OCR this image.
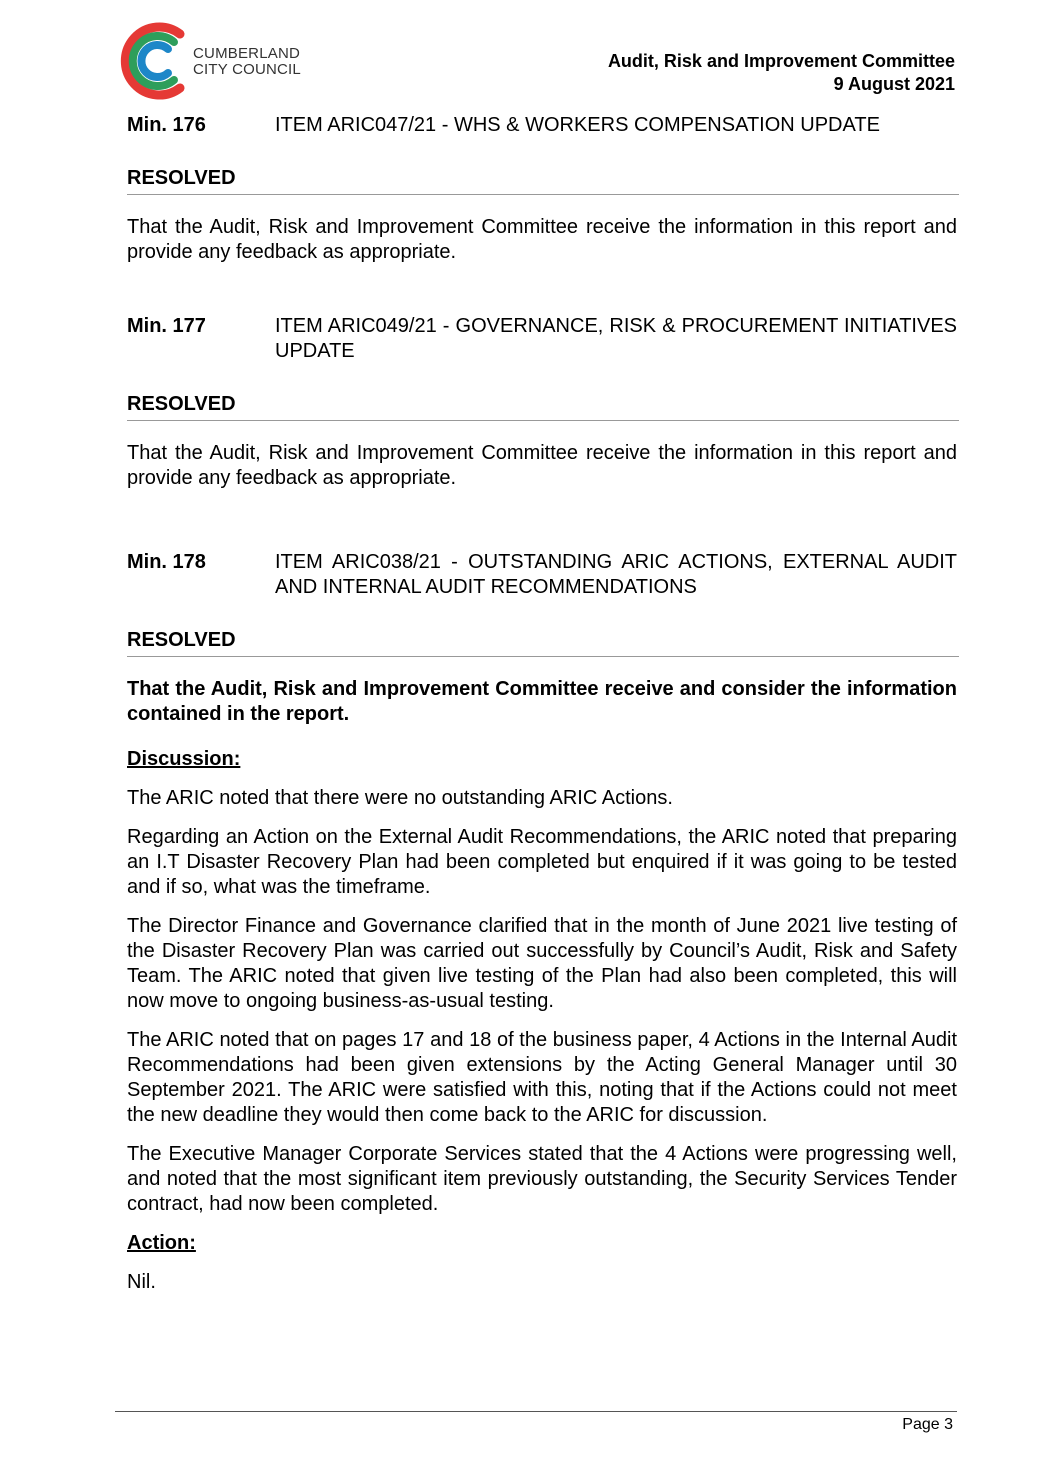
CUMBERLAND
CITY COUNCIL	Audit, Risk and Improvement Committee
9 August 2021
Min. 176	ITEM ARIC047/21 - WHS & WORKERS COMPENSATION UPDATE
RESOLVED

That the Audit, Risk and Improvement Committee receive the information in this report and provide any feedback as appropriate.

Min. 177	ITEM ARIC049/21 - GOVERNANCE, RISK & PROCUREMENT INITIATIVES UPDATE
RESOLVED

That the Audit, Risk and Improvement Committee receive the information in this report and provide any feedback as appropriate.

Min. 178	ITEM ARIC038/21 - OUTSTANDING ARIC ACTIONS, EXTERNAL AUDIT AND INTERNAL AUDIT RECOMMENDATIONS
RESOLVED

That the Audit, Risk and Improvement Committee receive and consider the information contained in the report.

Discussion:

The ARIC noted that there were no outstanding ARIC Actions.

Regarding an Action on the External Audit Recommendations, the ARIC noted that preparing an I.T Disaster Recovery Plan had been completed but enquired if it was going to be tested and if so, what was the timeframe.

The Director Finance and Governance clarified that in the month of June 2021 live testing of the Disaster Recovery Plan was carried out successfully by Council’s Audit, Risk and Safety Team. The ARIC noted that given live testing of the Plan had also been completed, this will now move to ongoing business-as-usual testing.

The ARIC noted that on pages 17 and 18 of the business paper, 4 Actions in the Internal Audit Recommendations had been given extensions by the Acting General Manager until 30 September 2021. The ARIC were satisfied with this, noting that if the Actions could not meet the new deadline they would then come back to the ARIC for discussion.

The Executive Manager Corporate Services stated that the 4 Actions were progressing well, and noted that the most significant item previously outstanding, the Security Services Tender contract, had now been completed.

Action:

Nil.

Page 3
